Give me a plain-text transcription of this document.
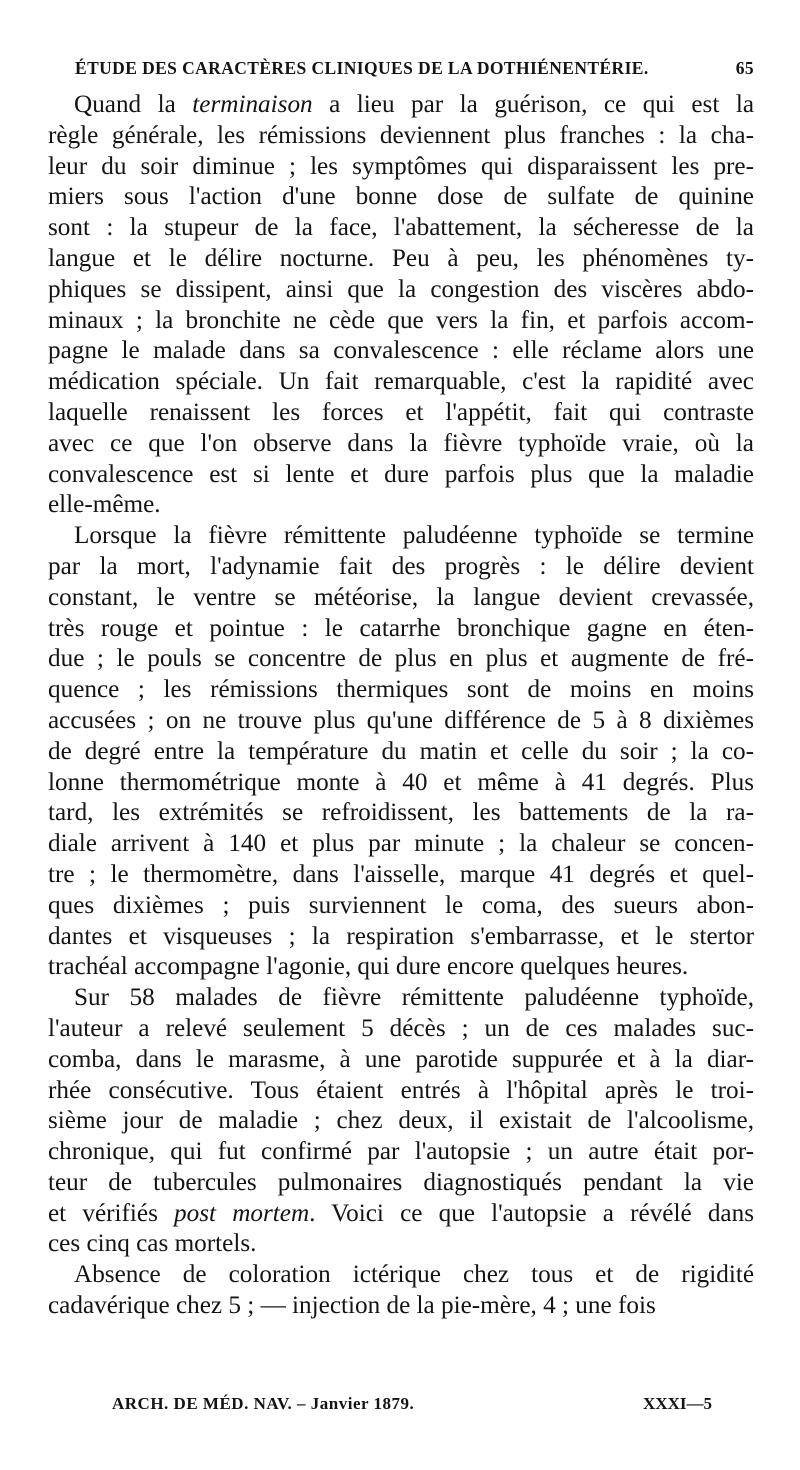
ÉTUDE DES CARACTÈRES CLINIQUES DE LA DOTHIÉNENTÉRIE.	65

Quand la terminaison a lieu par la guérison, ce qui est la
règle générale, les rémissions deviennent plus franches : la cha-
leur du soir diminue ; les symptômes qui disparaissent les pre-
miers sous l'action d'une bonne dose de sulfate de quinine
sont : la stupeur de la face, l'abattement, la sécheresse de la
langue et le délire nocturne. Peu à peu, les phénomènes ty-
phiques se dissipent, ainsi que la congestion des viscères abdo-
minaux ; la bronchite ne cède que vers la fin, et parfois accom-
pagne le malade dans sa convalescence : elle réclame alors une
médication spéciale. Un fait remarquable, c'est la rapidité avec
laquelle renaissent les forces et l'appétit, fait qui contraste
avec ce que l'on observe dans la fièvre typhoïde vraie, où la
convalescence est si lente et dure parfois plus que la maladie
elle-même.

Lorsque la fièvre rémittente paludéenne typhoïde se termine
par la mort, l'adynamie fait des progrès : le délire devient
constant, le ventre se météorise, la langue devient crevassée,
très rouge et pointue : le catarrhe bronchique gagne en éten-
due ; le pouls se concentre de plus en plus et augmente de fré-
quence ; les rémissions thermiques sont de moins en moins
accusées ; on ne trouve plus qu'une différence de 5 à 8 dixièmes
de degré entre la température du matin et celle du soir ; la co-
lonne thermométrique monte à 40 et même à 41 degrés. Plus
tard, les extrémités se refroidissent, les battements de la ra-
diale arrivent à 140 et plus par minute ; la chaleur se concen-
tre ; le thermomètre, dans l'aisselle, marque 41 degrés et quel-
ques dixièmes ; puis surviennent le coma, des sueurs abon-
dantes et visqueuses ; la respiration s'embarrasse, et le stertor
trachéal accompagne l'agonie, qui dure encore quelques heures.

Sur 58 malades de fièvre rémittente paludéenne typhoïde,
l'auteur a relevé seulement 5 décès ; un de ces malades suc-
comba, dans le marasme, à une parotide suppurée et à la diar-
rhée consécutive. Tous étaient entrés à l'hôpital après le troi-
sième jour de maladie ; chez deux, il existait de l'alcoolisme,
chronique, qui fut confirmé par l'autopsie ; un autre était por-
teur de tubercules pulmonaires diagnostiqués pendant la vie
et vérifiés post mortem. Voici ce que l'autopsie a révélé dans
ces cinq cas mortels.

Absence de coloration ictérique chez tous et de rigidité
cadavérique chez 5 ; — injection de la pie-mère, 4 ; une fois

ARCH. DE MÉD. NAV. – Janvier 1879.	XXXI—5
